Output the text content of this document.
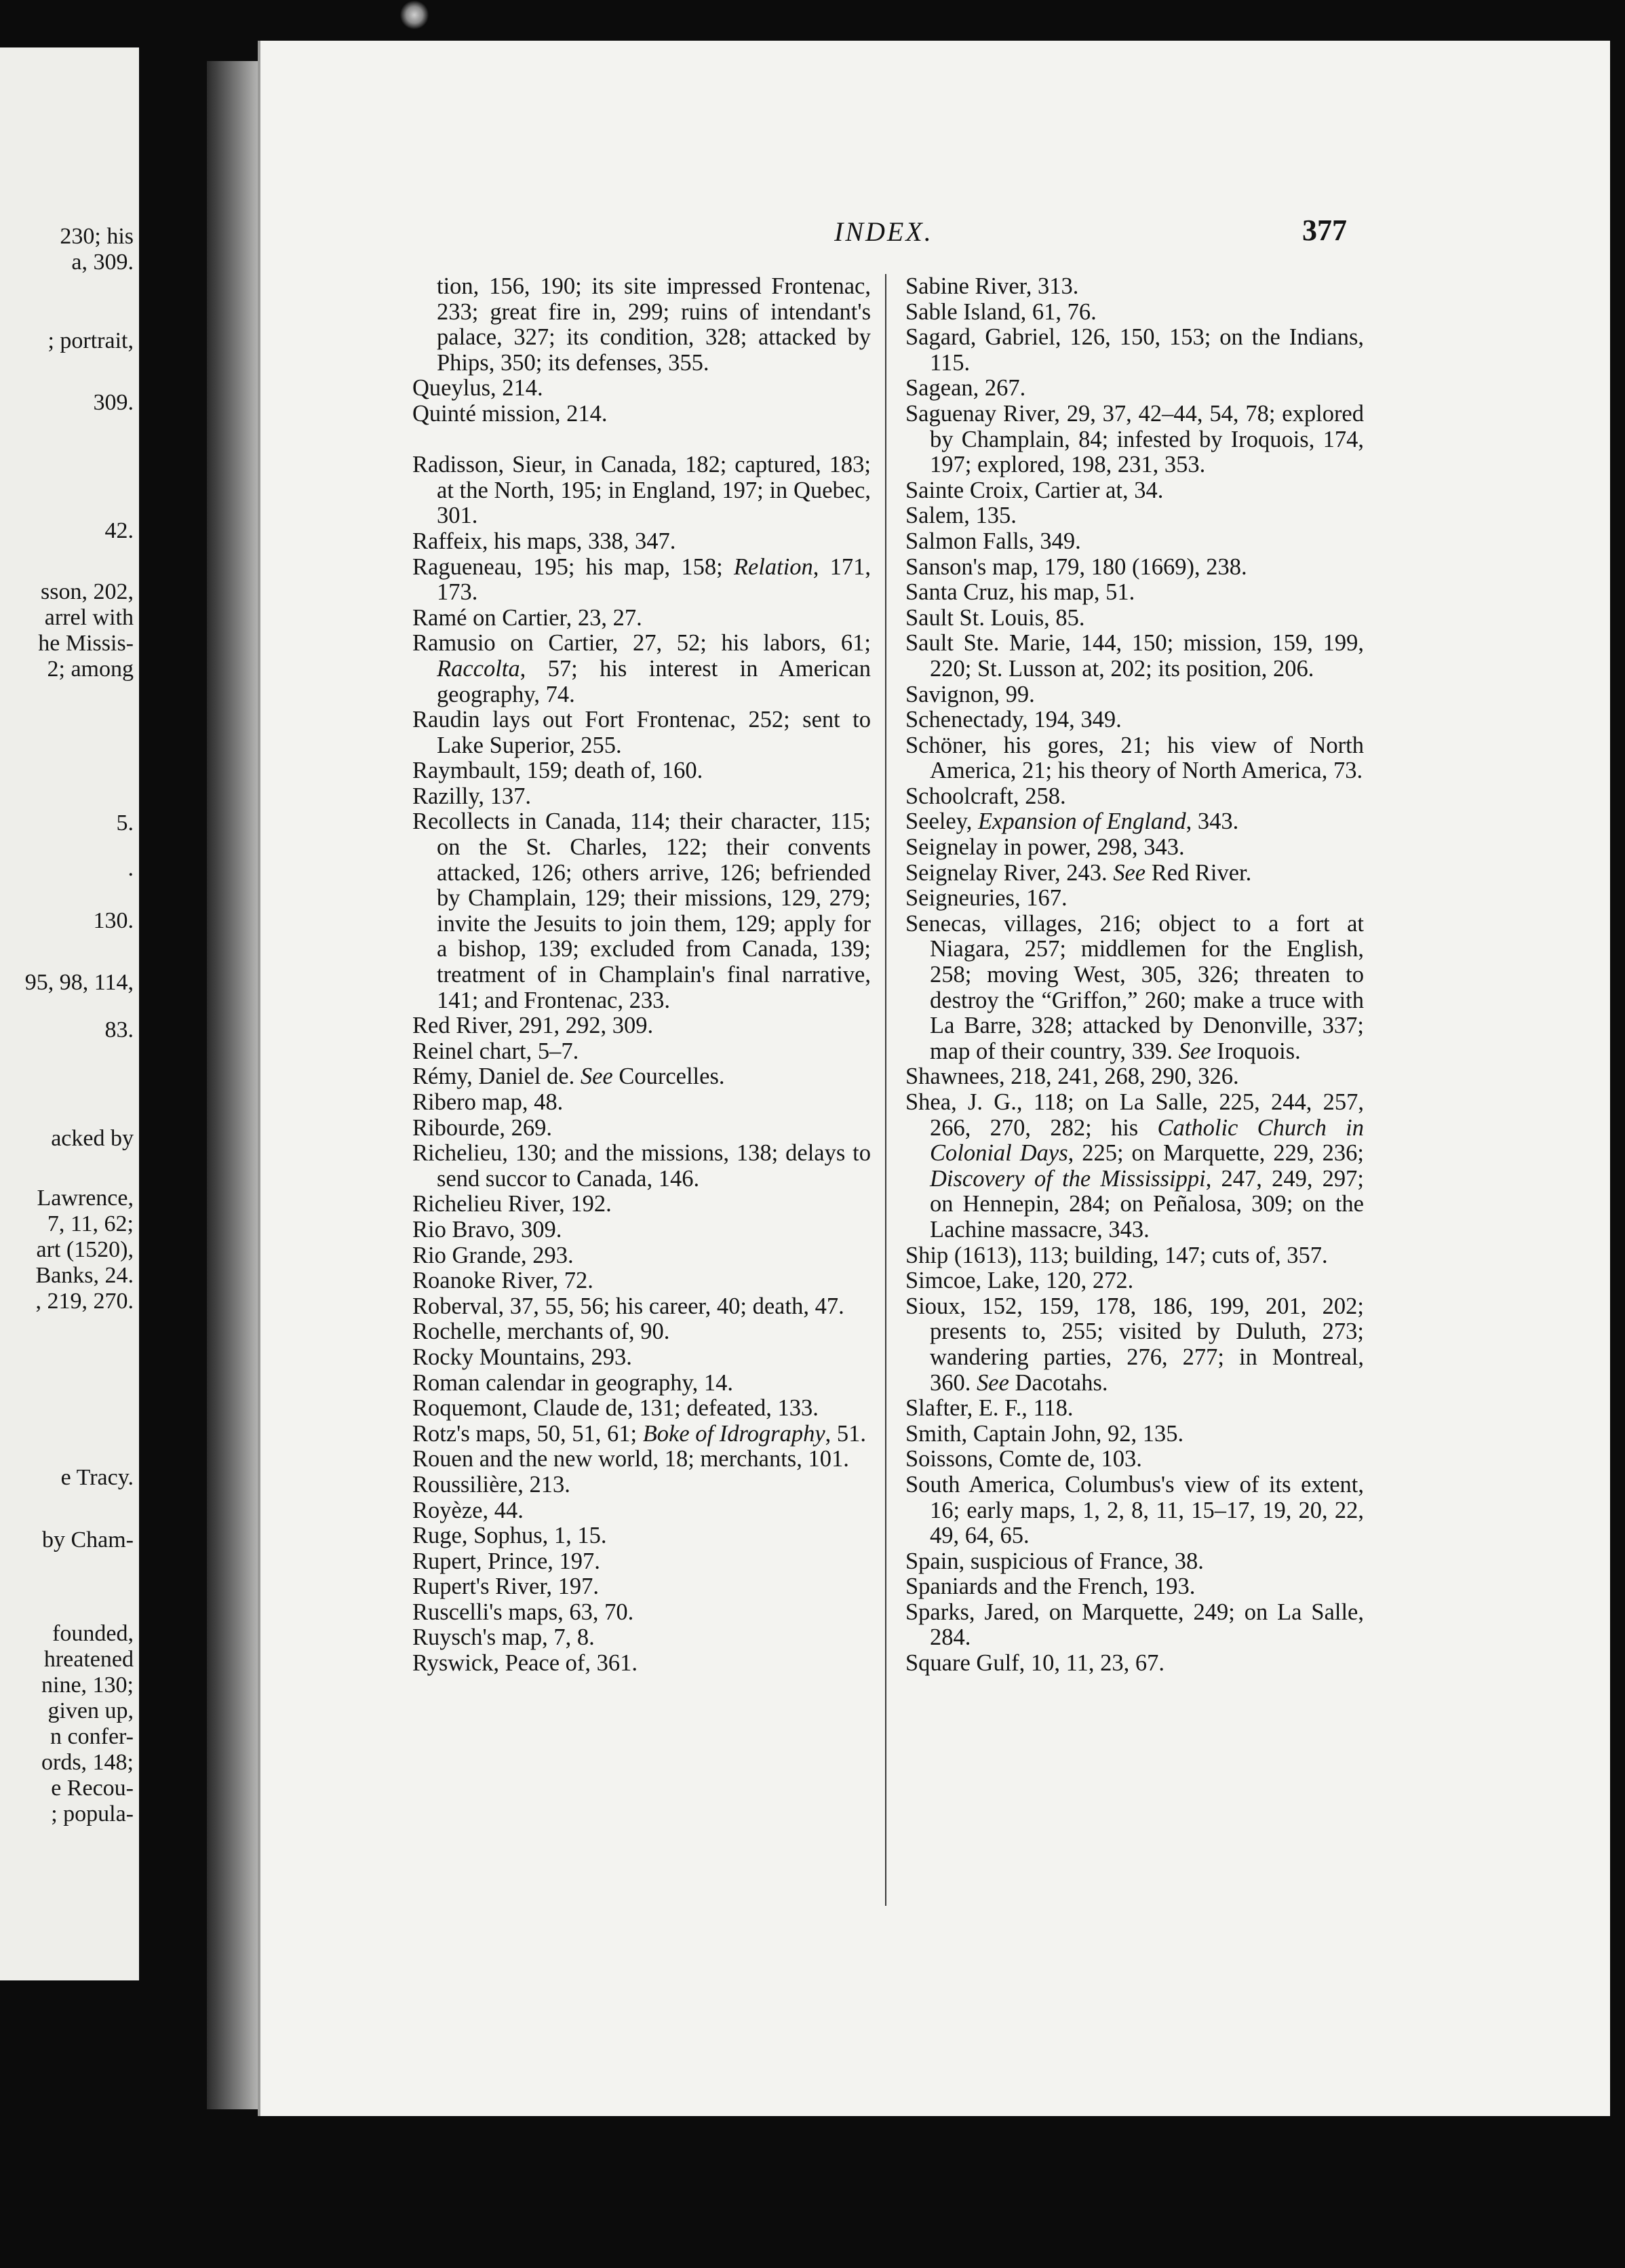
230; his
a, 309.
; portrait,
309.
42.
sson, 202,
arrel with
he Missis-
2; among
5.
.
130.
95, 98, 114,
83.
acked by
Lawrence,
7, 11, 62;
art (1520),
Banks, 24.
, 219, 270.
e Tracy.
by Cham-
founded,
hreatened
nine, 130;
given up,
n confer-
ords, 148;
e Recou-
; popula-
INDEX.	377
tion, 156, 190; its site impressed Frontenac, 233; great fire in, 299; ruins of intendant's palace, 327; its condition, 328; attacked by Phips, 350; its defenses, 355.
Queylus, 214.
Quinté mission, 214.
Radisson, Sieur, in Canada, 182; captured, 183; at the North, 195; in England, 197; in Quebec, 301.
Raffeix, his maps, 338, 347.
Ragueneau, 195; his map, 158; Relation, 171, 173.
Ramé on Cartier, 23, 27.
Ramusio on Cartier, 27, 52; his labors, 61; Raccolta, 57; his interest in American geography, 74.
Raudin lays out Fort Frontenac, 252; sent to Lake Superior, 255.
Raymbault, 159; death of, 160.
Razilly, 137.
Recollects in Canada, 114; their character, 115; on the St. Charles, 122; their convents attacked, 126; others arrive, 126; befriended by Champlain, 129; their missions, 129, 279; invite the Jesuits to join them, 129; apply for a bishop, 139; excluded from Canada, 139; treatment of in Champlain's final narrative, 141; and Frontenac, 233.
Red River, 291, 292, 309.
Reinel chart, 5–7.
Rémy, Daniel de. See Courcelles.
Ribero map, 48.
Ribourde, 269.
Richelieu, 130; and the missions, 138; delays to send succor to Canada, 146.
Richelieu River, 192.
Rio Bravo, 309.
Rio Grande, 293.
Roanoke River, 72.
Roberval, 37, 55, 56; his career, 40; death, 47.
Rochelle, merchants of, 90.
Rocky Mountains, 293.
Roman calendar in geography, 14.
Roquemont, Claude de, 131; defeated, 133.
Rotz's maps, 50, 51, 61; Boke of Idrography, 51.
Rouen and the new world, 18; merchants, 101.
Roussilière, 213.
Royèze, 44.
Ruge, Sophus, 1, 15.
Rupert, Prince, 197.
Rupert's River, 197.
Ruscelli's maps, 63, 70.
Ruysch's map, 7, 8.
Ryswick, Peace of, 361.
Sabine River, 313.
Sable Island, 61, 76.
Sagard, Gabriel, 126, 150, 153; on the Indians, 115.
Sagean, 267.
Saguenay River, 29, 37, 42–44, 54, 78; explored by Champlain, 84; infested by Iroquois, 174, 197; explored, 198, 231, 353.
Sainte Croix, Cartier at, 34.
Salem, 135.
Salmon Falls, 349.
Sanson's map, 179, 180 (1669), 238.
Santa Cruz, his map, 51.
Sault St. Louis, 85.
Sault Ste. Marie, 144, 150; mission, 159, 199, 220; St. Lusson at, 202; its position, 206.
Savignon, 99.
Schenectady, 194, 349.
Schöner, his gores, 21; his view of North America, 21; his theory of North America, 73.
Schoolcraft, 258.
Seeley, Expansion of England, 343.
Seignelay in power, 298, 343.
Seignelay River, 243. See Red River.
Seigneuries, 167.
Senecas, villages, 216; object to a fort at Niagara, 257; middlemen for the English, 258; moving West, 305, 326; threaten to destroy the “Griffon,” 260; make a truce with La Barre, 328; attacked by Denonville, 337; map of their country, 339. See Iroquois.
Shawnees, 218, 241, 268, 290, 326.
Shea, J. G., 118; on La Salle, 225, 244, 257, 266, 270, 282; his Catholic Church in Colonial Days, 225; on Marquette, 229, 236; Discovery of the Mississippi, 247, 249, 297; on Hennepin, 284; on Peñalosa, 309; on the Lachine massacre, 343.
Ship (1613), 113; building, 147; cuts of, 357.
Simcoe, Lake, 120, 272.
Sioux, 152, 159, 178, 186, 199, 201, 202; presents to, 255; visited by Duluth, 273; wandering parties, 276, 277; in Montreal, 360. See Dacotahs.
Slafter, E. F., 118.
Smith, Captain John, 92, 135.
Soissons, Comte de, 103.
South America, Columbus's view of its extent, 16; early maps, 1, 2, 8, 11, 15–17, 19, 20, 22, 49, 64, 65.
Spain, suspicious of France, 38.
Spaniards and the French, 193.
Sparks, Jared, on Marquette, 249; on La Salle, 284.
Square Gulf, 10, 11, 23, 67.
